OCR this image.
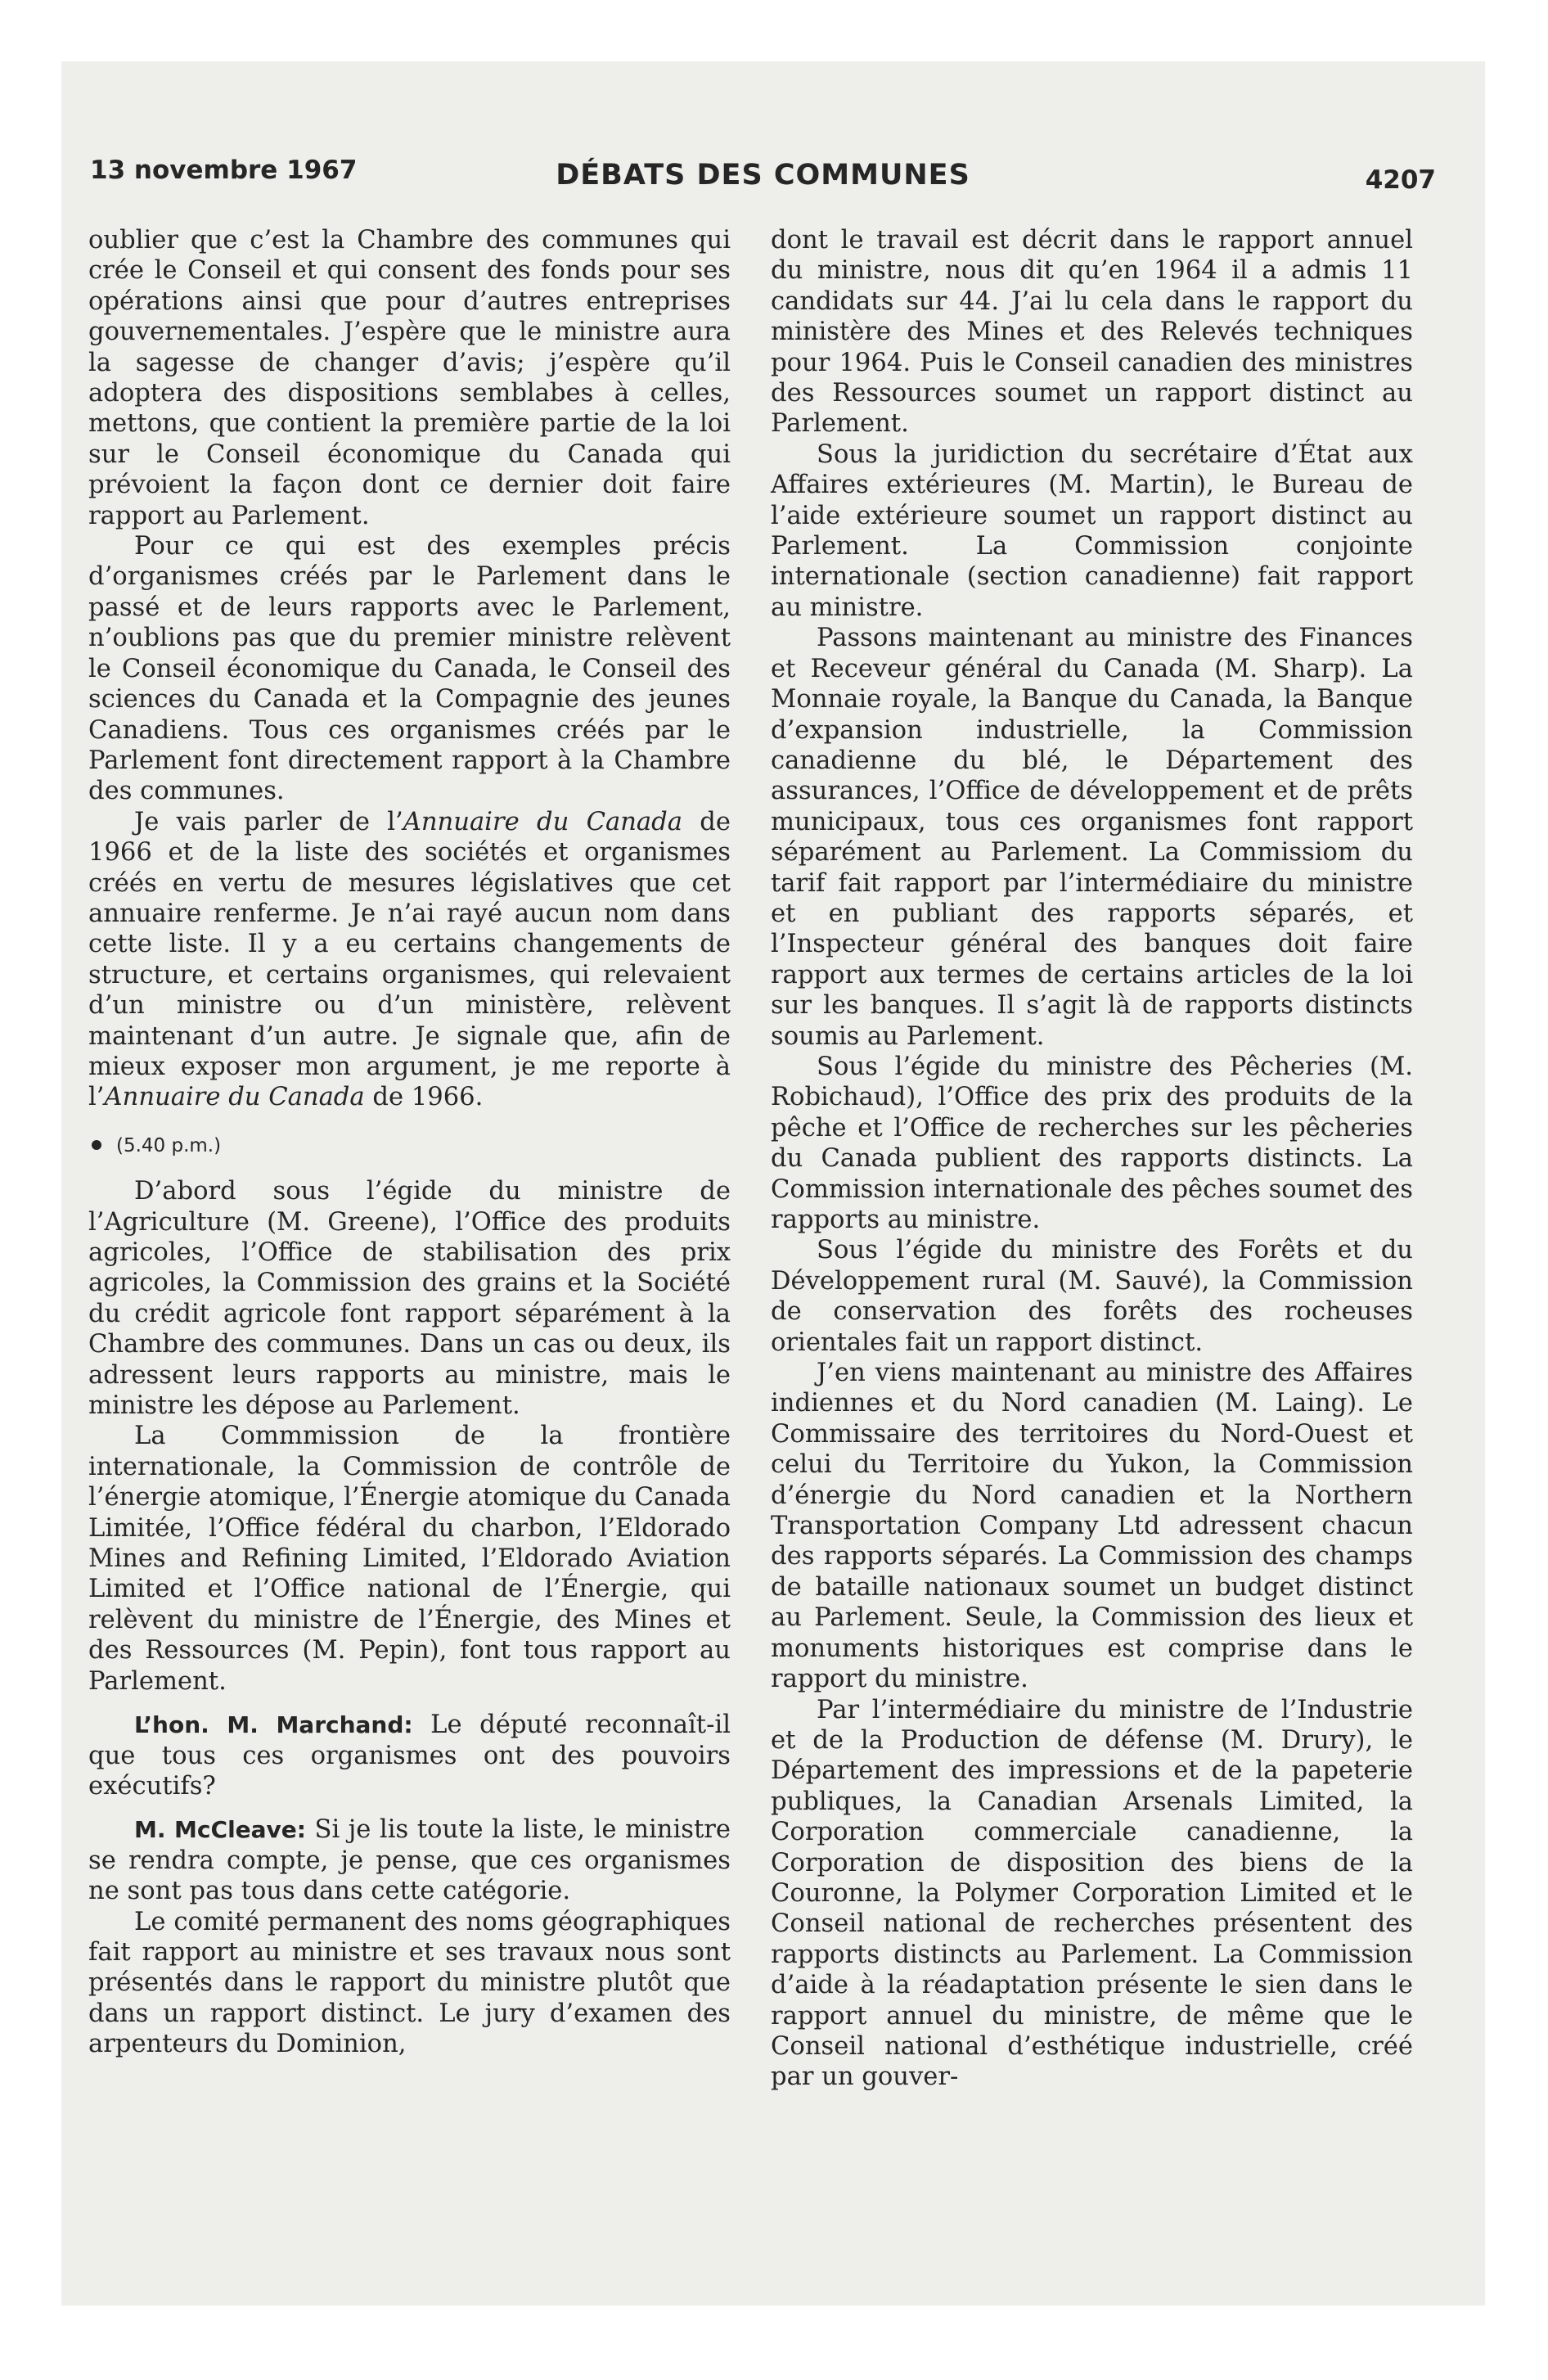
13 novembre 1967	DÉBATS DES COMMUNES	4207

oublier que c’est la Chambre des communes qui crée le Conseil et qui consent des fonds pour ses opérations ainsi que pour d’autres entreprises gouvernementales. J’espère que le ministre aura la sagesse de changer d’avis; j’espère qu’il adoptera des dispositions semblabes à celles, mettons, que contient la première partie de la loi sur le Conseil économique du Canada qui prévoient la façon dont ce dernier doit faire rapport au Parlement.

Pour ce qui est des exemples précis d’organismes créés par le Parlement dans le passé et de leurs rapports avec le Parlement, n’oublions pas que du premier ministre relèvent le Conseil économique du Canada, le Conseil des sciences du Canada et la Compagnie des jeunes Canadiens. Tous ces organismes créés par le Parlement font directement rapport à la Chambre des communes.

Je vais parler de l’Annuaire du Canada de 1966 et de la liste des sociétés et organismes créés en vertu de mesures législatives que cet annuaire renferme. Je n’ai rayé aucun nom dans cette liste. Il y a eu certains changements de structure, et certains organismes, qui relevaient d’un ministre ou d’un ministère, relèvent maintenant d’un autre. Je signale que, afin de mieux exposer mon argument, je me reporte à l’Annuaire du Canada de 1966.

(5.40 p.m.)

D’abord sous l’égide du ministre de l’Agriculture (M. Greene), l’Office des produits agricoles, l’Office de stabilisation des prix agricoles, la Commission des grains et la Société du crédit agricole font rapport séparément à la Chambre des communes. Dans un cas ou deux, ils adressent leurs rapports au ministre, mais le ministre les dépose au Parlement.

La Commmission de la frontière internationale, la Commission de contrôle de l’énergie atomique, l’Énergie atomique du Canada Limitée, l’Office fédéral du charbon, l’Eldorado Mines and Refining Limited, l’Eldorado Aviation Limited et l’Office national de l’Énergie, qui relèvent du ministre de l’Énergie, des Mines et des Ressources (M. Pepin), font tous rapport au Parlement.

L’hon. M. Marchand: Le député reconnaît-il que tous ces organismes ont des pouvoirs exécutifs?

M. McCleave: Si je lis toute la liste, le ministre se rendra compte, je pense, que ces organismes ne sont pas tous dans cette catégorie.

Le comité permanent des noms géographiques fait rapport au ministre et ses travaux nous sont présentés dans le rapport du ministre plutôt que dans un rapport distinct. Le jury d’examen des arpenteurs du Dominion,

dont le travail est décrit dans le rapport annuel du ministre, nous dit qu’en 1964 il a admis 11 candidats sur 44. J’ai lu cela dans le rapport du ministère des Mines et des Relevés techniques pour 1964. Puis le Conseil canadien des ministres des Ressources soumet un rapport distinct au Parlement.

Sous la juridiction du secrétaire d’État aux Affaires extérieures (M. Martin), le Bureau de l’aide extérieure soumet un rapport distinct au Parlement. La Commission conjointe internationale (section canadienne) fait rapport au ministre.

Passons maintenant au ministre des Finances et Receveur général du Canada (M. Sharp). La Monnaie royale, la Banque du Canada, la Banque d’expansion industrielle, la Commission canadienne du blé, le Département des assurances, l’Office de développement et de prêts municipaux, tous ces organismes font rapport séparément au Parlement. La Commissiom du tarif fait rapport par l’intermédiaire du ministre et en publiant des rapports séparés, et l’Inspecteur général des banques doit faire rapport aux termes de certains articles de la loi sur les banques. Il s’agit là de rapports distincts soumis au Parlement.

Sous l’égide du ministre des Pêcheries (M. Robichaud), l’Office des prix des produits de la pêche et l’Office de recherches sur les pêcheries du Canada publient des rapports distincts. La Commission internationale des pêches soumet des rapports au ministre.

Sous l’égide du ministre des Forêts et du Développement rural (M. Sauvé), la Commission de conservation des forêts des rocheuses orientales fait un rapport distinct.

J’en viens maintenant au ministre des Affaires indiennes et du Nord canadien (M. Laing). Le Commissaire des territoires du Nord-Ouest et celui du Territoire du Yukon, la Commission d’énergie du Nord canadien et la Northern Transportation Company Ltd adressent chacun des rapports séparés. La Commission des champs de bataille nationaux soumet un budget distinct au Parlement. Seule, la Commission des lieux et monuments historiques est comprise dans le rapport du ministre.

Par l’intermédiaire du ministre de l’Industrie et de la Production de défense (M. Drury), le Département des impressions et de la papeterie publiques, la Canadian Arsenals Limited, la Corporation commerciale canadienne, la Corporation de disposition des biens de la Couronne, la Polymer Corporation Limited et le Conseil national de recherches présentent des rapports distincts au Parlement. La Commission d’aide à la réadaptation présente le sien dans le rapport annuel du ministre, de même que le Conseil national d’esthétique industrielle, créé par un gouver-
